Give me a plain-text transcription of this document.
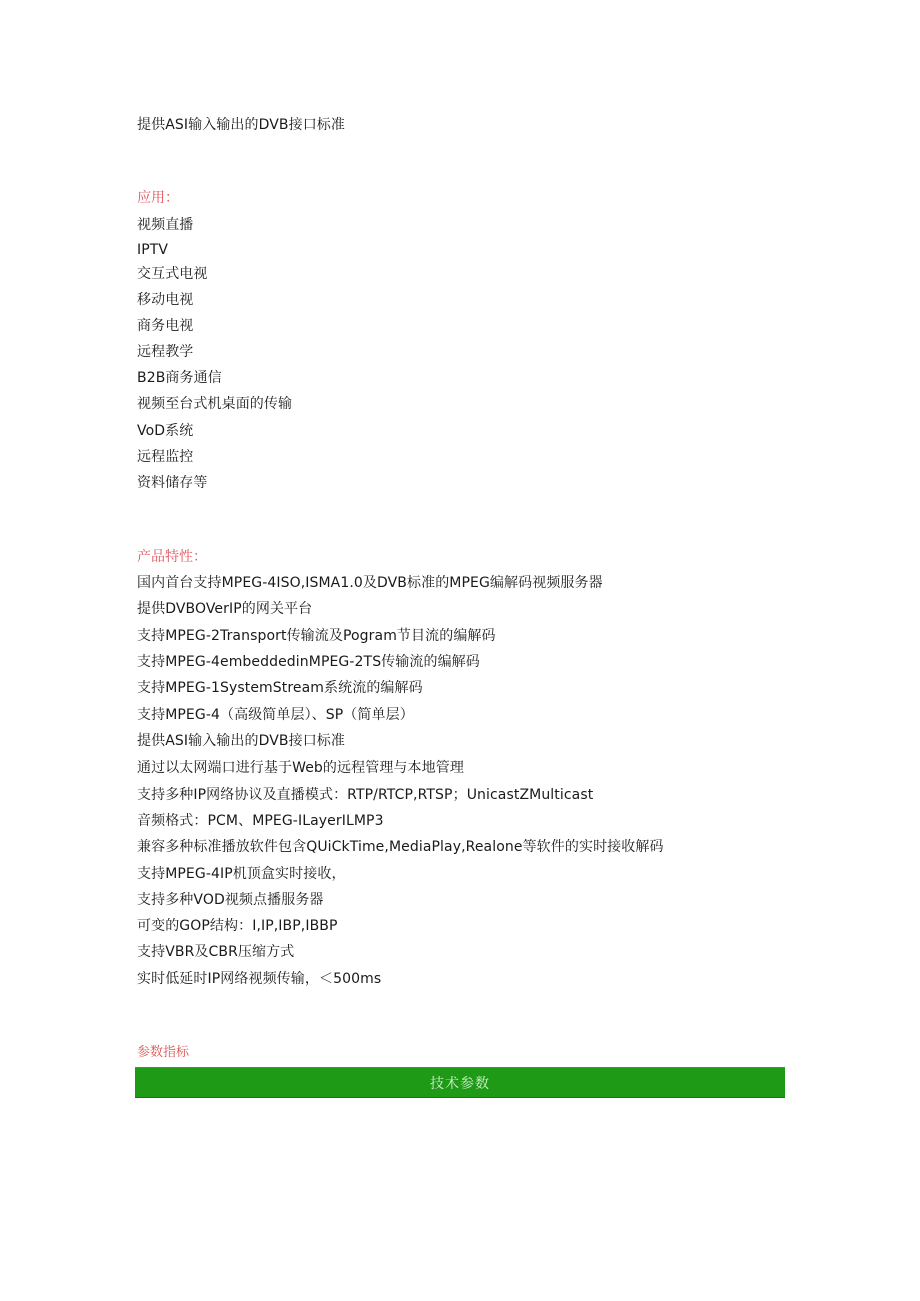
提供ASI输入输出的DVB接口标准
应用：
视频直播
IPTV
交互式电视
移动电视
商务电视
远程教学
B2B商务通信
视频至台式机桌面的传输
VoD系统
远程监控
资料储存等
产品特性：
国内首台支持MPEG-4ISO,ISMA1.0及DVB标准的MPEG编解码视频服务器
提供DVBOVerIP的网关平台
支持MPEG-2Transport传输流及Pogram节目流的编解码
支持MPEG-4embeddedinMPEG-2TS传输流的编解码
支持MPEG-1SystemStream系统流的编解码
支持MPEG-4（高级简单层）、SP（简单层）
提供ASI输入输出的DVB接口标准
通过以太网端口进行基于Web的远程管理与本地管理
支持多种IP网络协议及直播模式：RTP/RTCP,RTSP；UnicastZMulticast
音频格式：PCM、MPEG-ILayerILMP3
兼容多种标准播放软件包含QUiCkTime,MediaPlay,Realone等软件的实时接收解码
支持MPEG-4IP机顶盒实时接收，
支持多种VOD视频点播服务器
可变的GOP结构：I,IP,IBP,IBBP
支持VBR及CBR压缩方式
实时低延时IP网络视频传输，＜500ms
参数指标
技术参数
